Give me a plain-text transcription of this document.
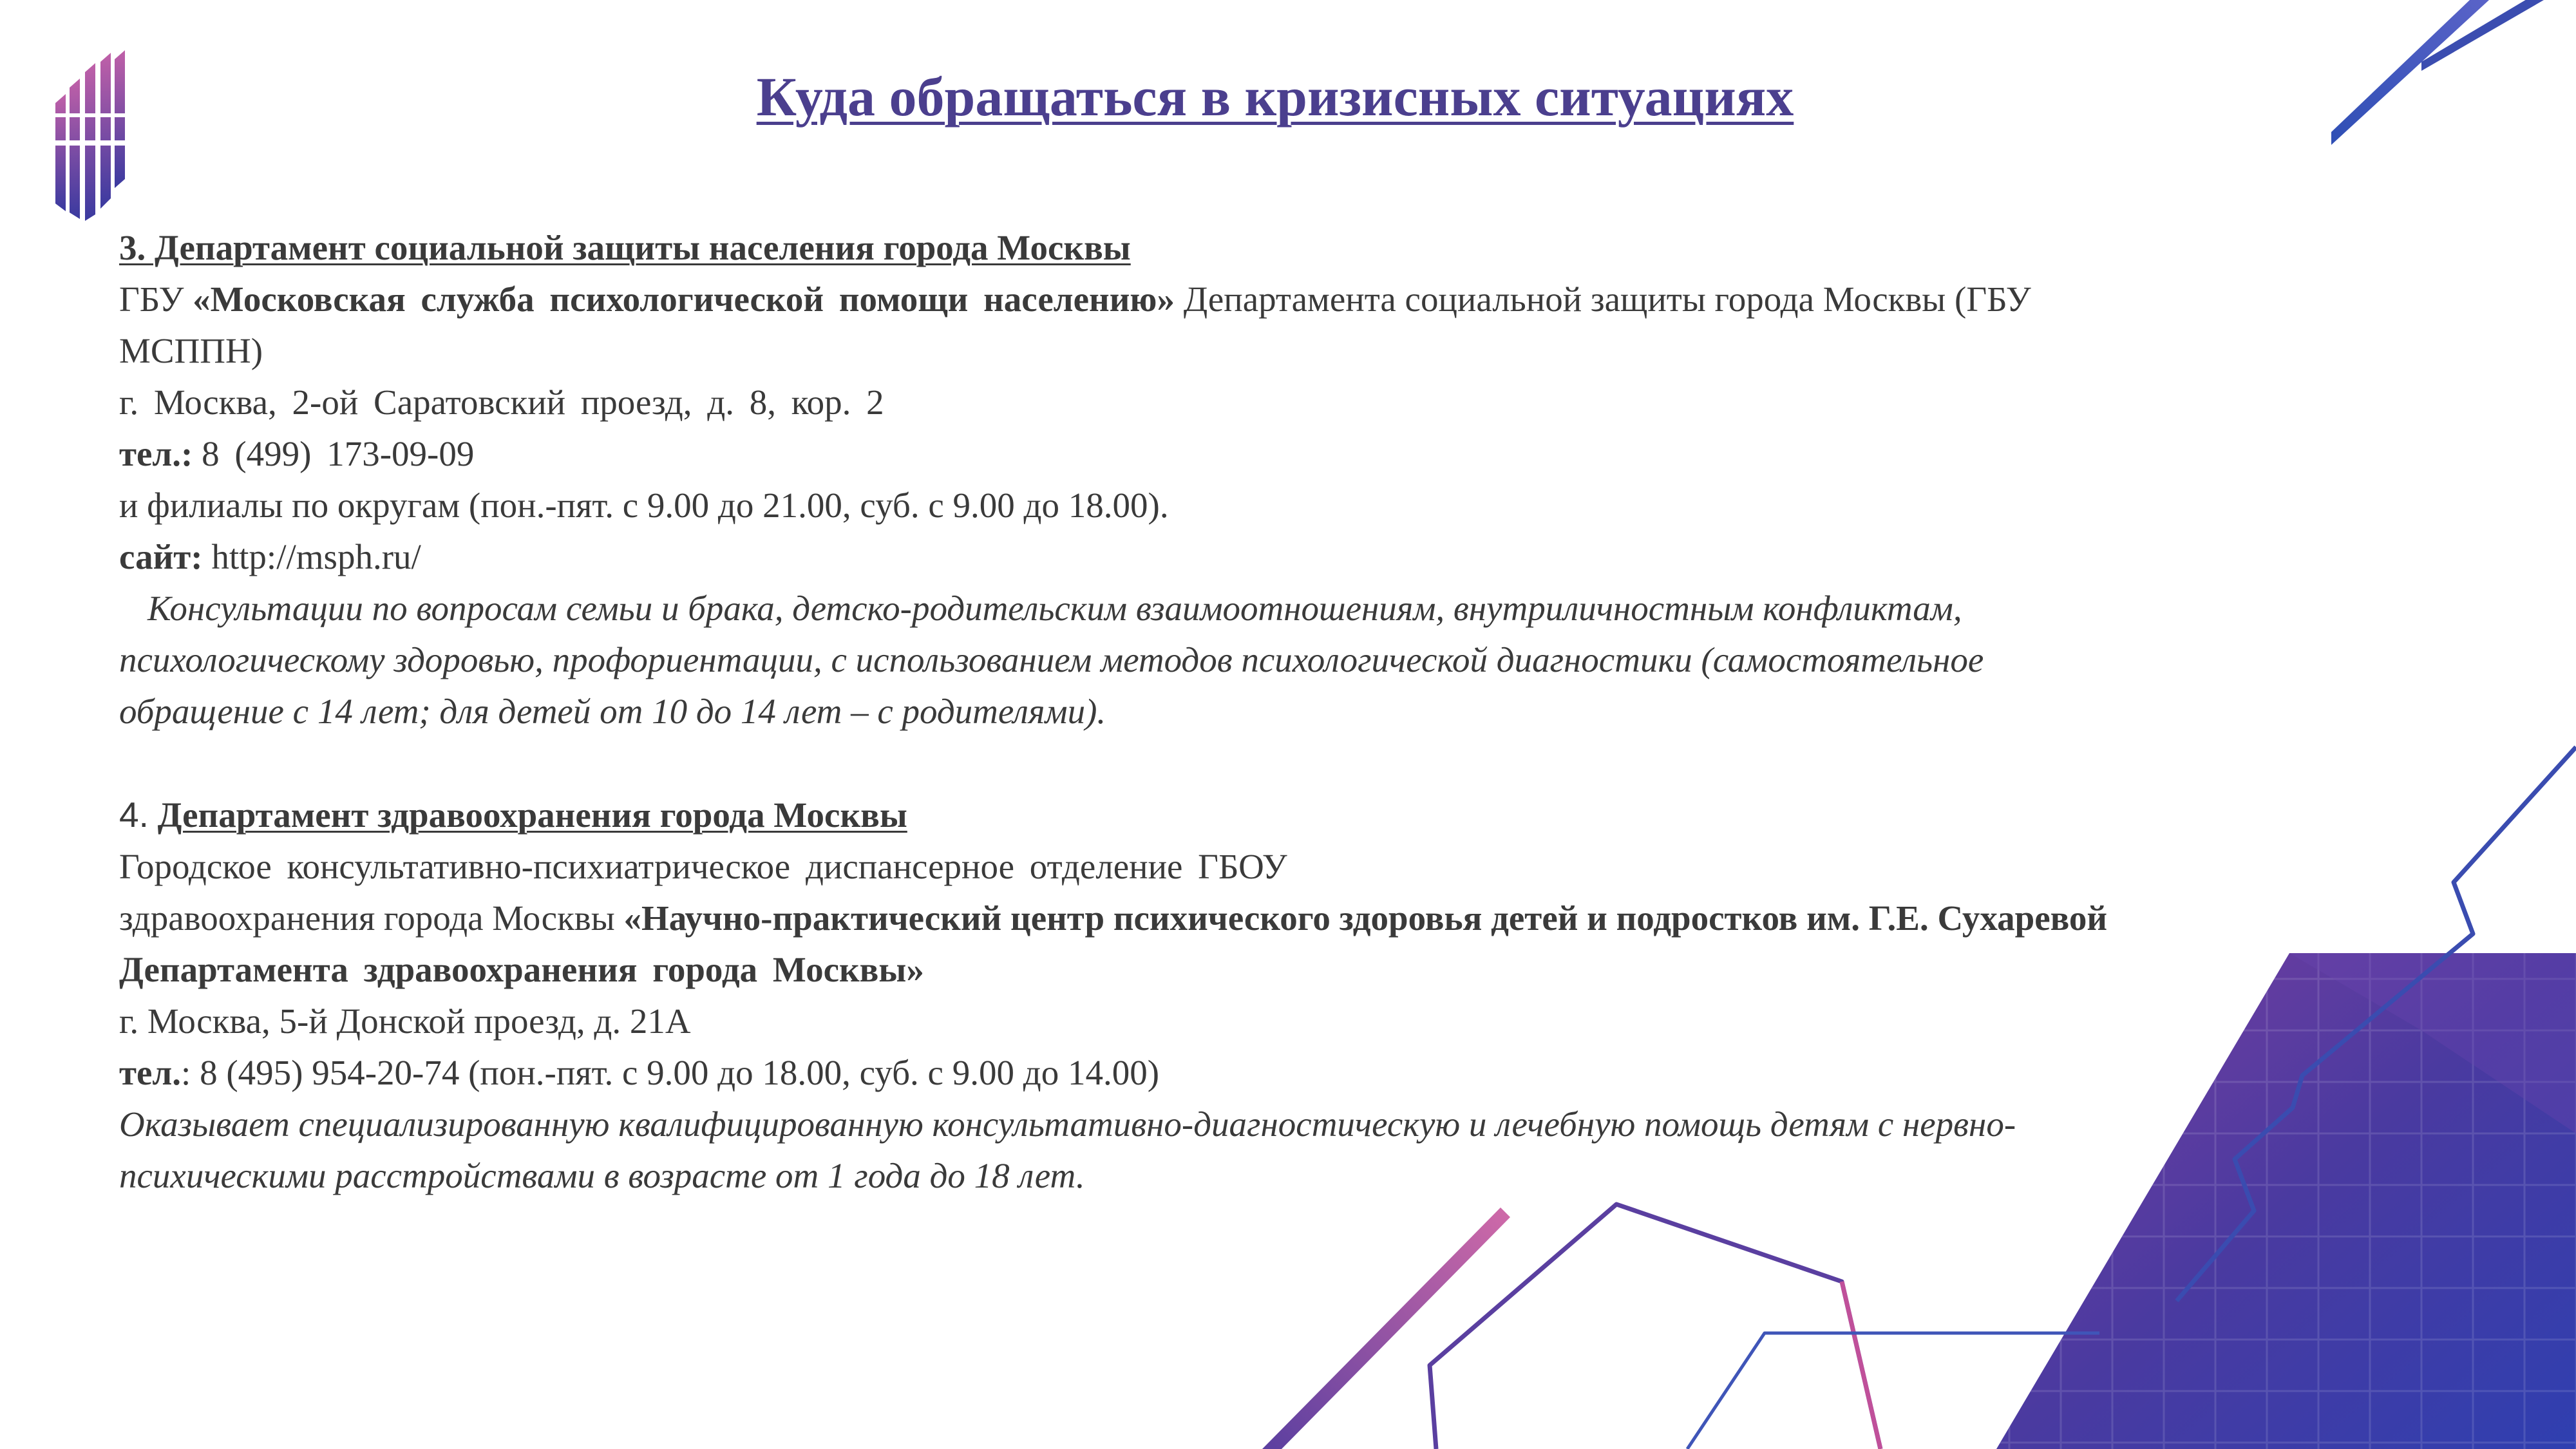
Куда обращаться в кризисных ситуациях
3. Департамент социальной защиты населения города Москвы
ГБУ «Московская служба психологической помощи населению» Департамента социальной защиты города Москвы (ГБУ
МСППН)
г. Москва, 2-ой Саратовский проезд, д. 8, кор. 2
тел.: 8 (499) 173-09-09
и филиалы по округам (пон.-пят. с 9.00 до 21.00, суб. с 9.00 до 18.00).
сайт: http://msph.ru/
Консультации по вопросам семьи и брака, детско-родительским взаимоотношениям, внутриличностным конфликтам,
психологическому здоровью, профориентации, с использованием методов психологической диагностики (самостоятельное
обращение с 14 лет; для детей от 10 до 14 лет – с родителями).
4. Департамент здравоохранения города Москвы
Городское консультативно-психиатрическое диспансерное отделение ГБОУ
здравоохранения города Москвы «Научно-практический центр психического здоровья детей и подростков им. Г.Е. Сухаревой
Департамента здравоохранения города Москвы»
г. Москва, 5-й Донской проезд, д. 21А
тел.: 8 (495) 954-20-74 (пон.-пят. с 9.00 до 18.00, суб. с 9.00 до 14.00)
Оказывает специализированную квалифицированную консультативно-диагностическую и лечебную помощь детям с нервно-
психическими расстройствами в возрасте от 1 года до 18 лет.
